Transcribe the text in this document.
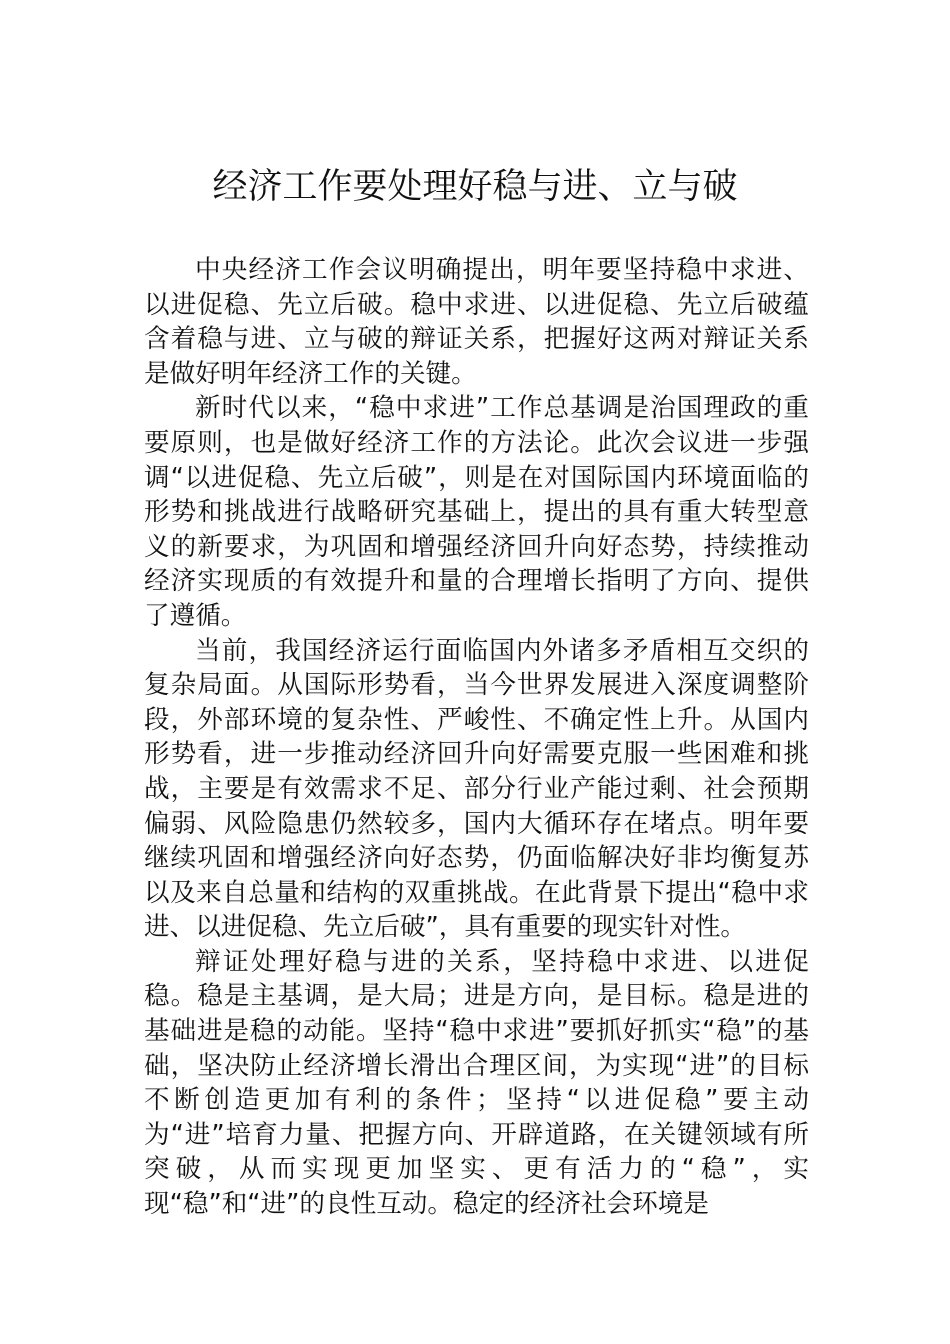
经济工作要处理好稳与进、立与破

中央经济工作会议明确提出，明年要坚持稳中求进、以进促稳、先立后破。稳中求进、以进促稳、先立后破蕴含着稳与进、立与破的辩证关系，把握好这两对辩证关系是做好明年经济工作的关键。

新时代以来，“稳中求进”工作总基调是治国理政的重要原则，也是做好经济工作的方法论。此次会议进一步强调“以进促稳、先立后破”，则是在对国际国内环境面临的形势和挑战进行战略研究基础上，提出的具有重大转型意义的新要求，为巩固和增强经济回升向好态势，持续推动经济实现质的有效提升和量的合理增长指明了方向、提供了遵循。

当前，我国经济运行面临国内外诸多矛盾相互交织的复杂局面。从国际形势看，当今世界发展进入深度调整阶段，外部环境的复杂性、严峻性、不确定性上升。从国内形势看，进一步推动经济回升向好需要克服一些困难和挑战，主要是有效需求不足、部分行业产能过剩、社会预期偏弱、风险隐患仍然较多，国内大循环存在堵点。明年要继续巩固和增强经济向好态势，仍面临解决好非均衡复苏以及来自总量和结构的双重挑战。在此背景下提出“稳中求进、以进促稳、先立后破”，具有重要的现实针对性。

辩证处理好稳与进的关系，坚持稳中求进、以进促稳。稳是主基调，是大局；进是方向，是目标。稳是进的基础进是稳的动能。坚持“稳中求进”要抓好抓实“稳”的基础，坚决防止经济增长滑出合理区间，为实现“进”的目标不断创造更加有利的条件；坚持“以进促稳”要主动为“进”培育力量、把握方向、开辟道路，在关键领域有所突破，从而实现更加坚实、更有活力的“稳”，实现“稳”和“进”的良性互动。稳定的经济社会环境是
